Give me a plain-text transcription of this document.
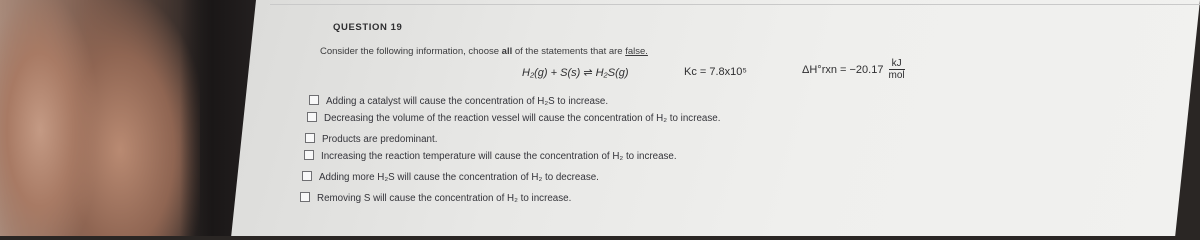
QUESTION 19
Consider the following information, choose all of the statements that are false.
H₂(g) + S(s) ⇌ H₂S(g)	Kᴄ = 7.8x10⁵	$\Delta H^\circ rxn = -20.17 \frac{kJ}{\text{mol}}$
Adding a catalyst will cause the concentration of H₂S to increase.
Decreasing the volume of the reaction vessel will cause the concentration of H₂ to increase.
Products are predominant.
Increasing the reaction temperature will cause the concentration of H₂ to increase.
Adding more H₂S will cause the concentration of H₂ to decrease.
Removing S will cause the concentration of H₂ to increase.
